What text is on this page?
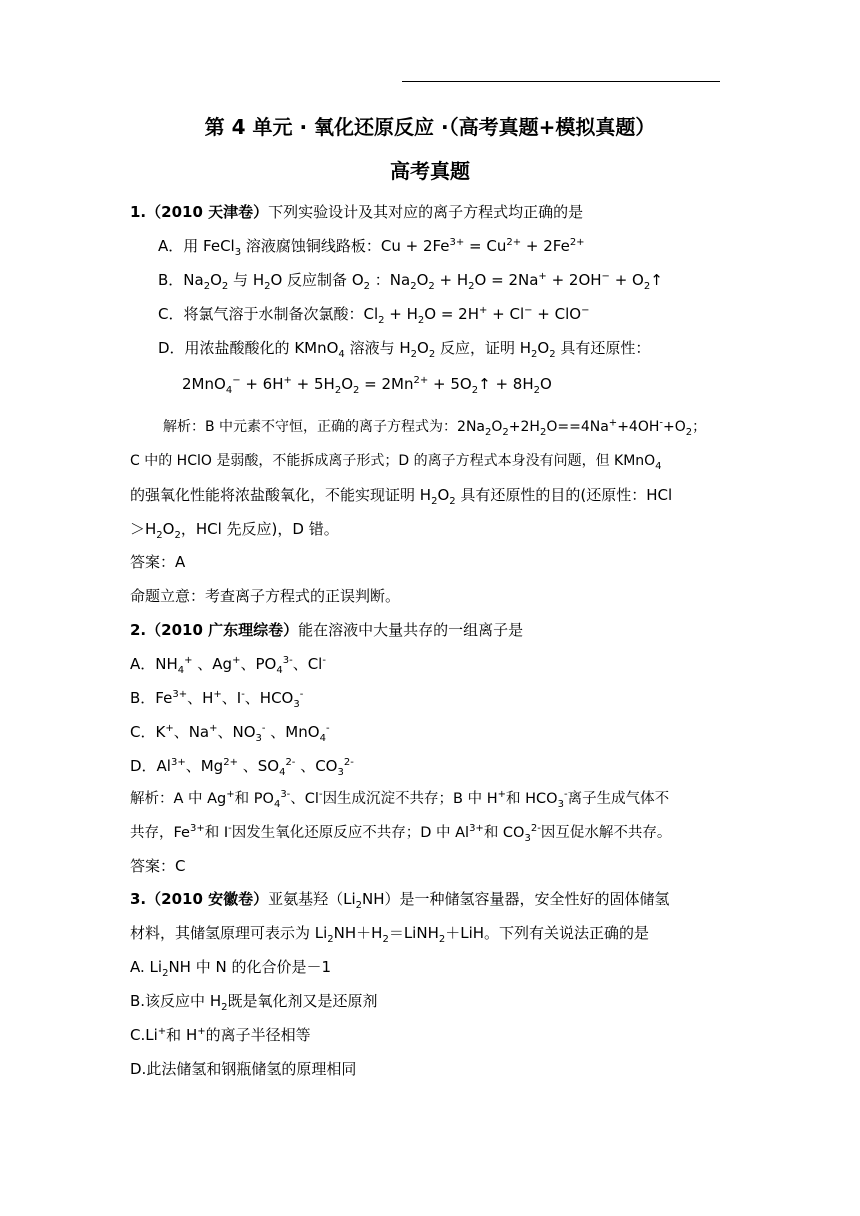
第 4 单元 · 氧化还原反应 ·（高考真题+模拟真题）
高考真题
1.（2010 天津卷）下列实验设计及其对应的离子方程式均正确的是
A．用 FeCl$_3$ 溶液腐蚀铜线路板：$Cu + 2Fe^{3+} = Cu^{2+} + 2Fe^{2+}$
B．$Na_2O_2$ 与 $H_2O$ 反应制备 $O_2$ ：$Na_2O_2 + H_2O = 2Na^+ + 2OH^-$ + $O_2↑$
C．将氯气溶于水制备次氯酸：$Cl_2 + H_2O = 2H^+ + Cl^- + ClO^-$
D．用浓盐酸酸化的 KMnO$_4$ 溶液与 $H_2O_2$ 反应，证明 $H_2O_2$ 具有还原性：
$2MnO_4^- + 6H^+ + 5H_2O_2 = 2Mn^{2+}$ + $5O_2↑ + 8H_2O$
解析：B 中元素不守恒，正确的离子方程式为：$2Na_2O_2+2H_2O==4Na^++4OH^-+O_2$；
C 中的 HClO 是弱酸，不能拆成离子形式；D 的离子方程式本身没有问题，但 KMnO$_4$
的强氧化性能将浓盐酸氧化，不能实现证明 $H_2O_2$ 具有还原性的目的(还原性：HCl
$>H_2O_2$，HCl 先反应)，D 错。
答案：A
命题立意：考查离子方程式的正误判断。
2.（2010 广东理综卷）能在溶液中大量共存的一组离子是
A．$NH_4^+$ 、Ag+、$PO_4^{3-}$、Cl-
B．$Fe^{3+}$、H+、I-、$HCO_3^-$
C．K+、Na+、$NO_3^-$ 、MnO$_4$-
D．$Al^{3+}$、$Mg^{2+}$ 、$SO_4^{2-}$ 、$CO_3^{2-}$
解析：A 中 Ag+和 $PO_4^{3-}$、Cl-因生成沉淀不共存；B 中 H+和 $HCO_3^-$离子生成气体不
共存，$Fe^{3+}$和 I-因发生氧化还原反应不共存；D 中 $Al^{3+}$和 $CO_3^{2-}$因互促水解不共存。
答案：C
3.（2010 安徽卷）亚氨基羟$(Li_2NH)$是一种储氢容量器，安全性好的固体储氢
材料，其储氢原理可表示为 $Li_2NH+H_2=LiNH_2+LiH$。下列有关说法正确的是
A. $Li_2NH$ 中 N 的化合价是－1
B.该反应中 $H_2$既是氧化剂又是还原剂
C.Li+和 H+的离子半径相等
D.此法储氢和钢瓶储氢的原理相同
